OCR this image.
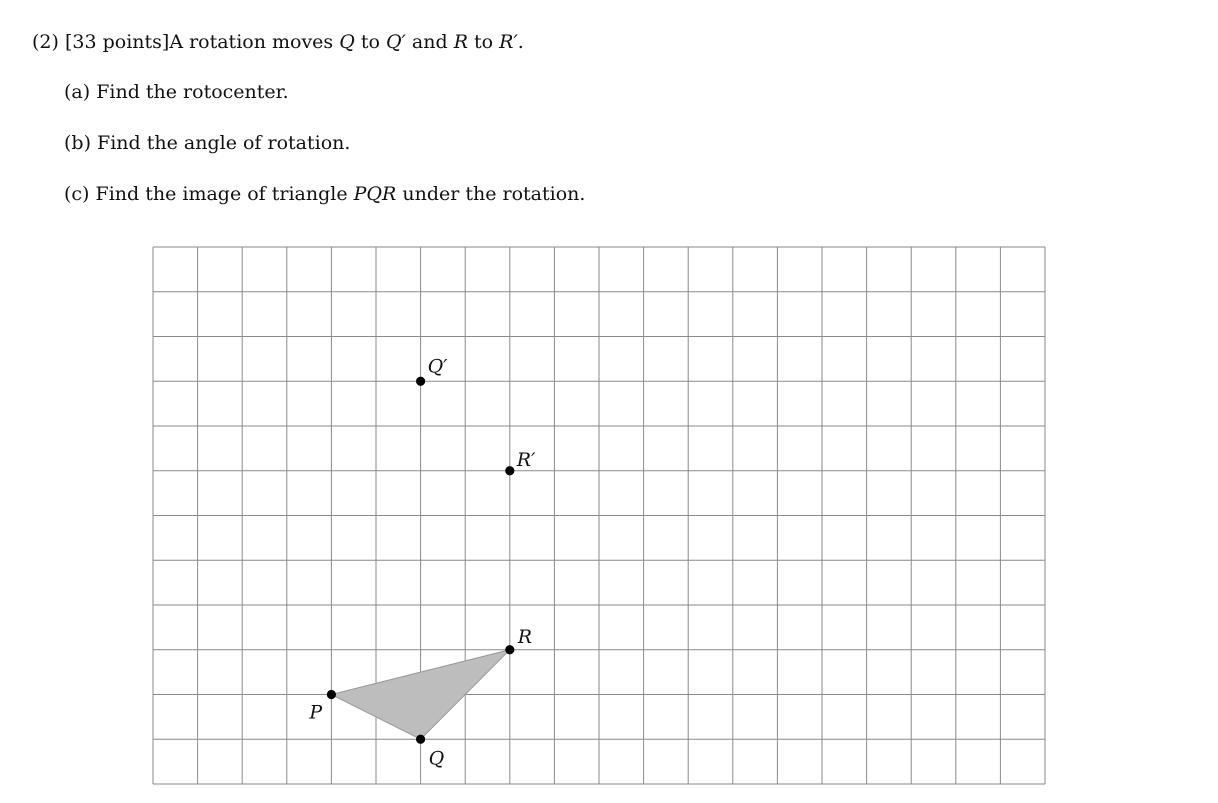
(2) [33 points]A rotation moves Q to Q′ and R to R′.
(a) Find the rotocenter.
(b) Find the angle of rotation.
(c) Find the image of triangle PQR under the rotation.
P
Q
R
Q′
R′
